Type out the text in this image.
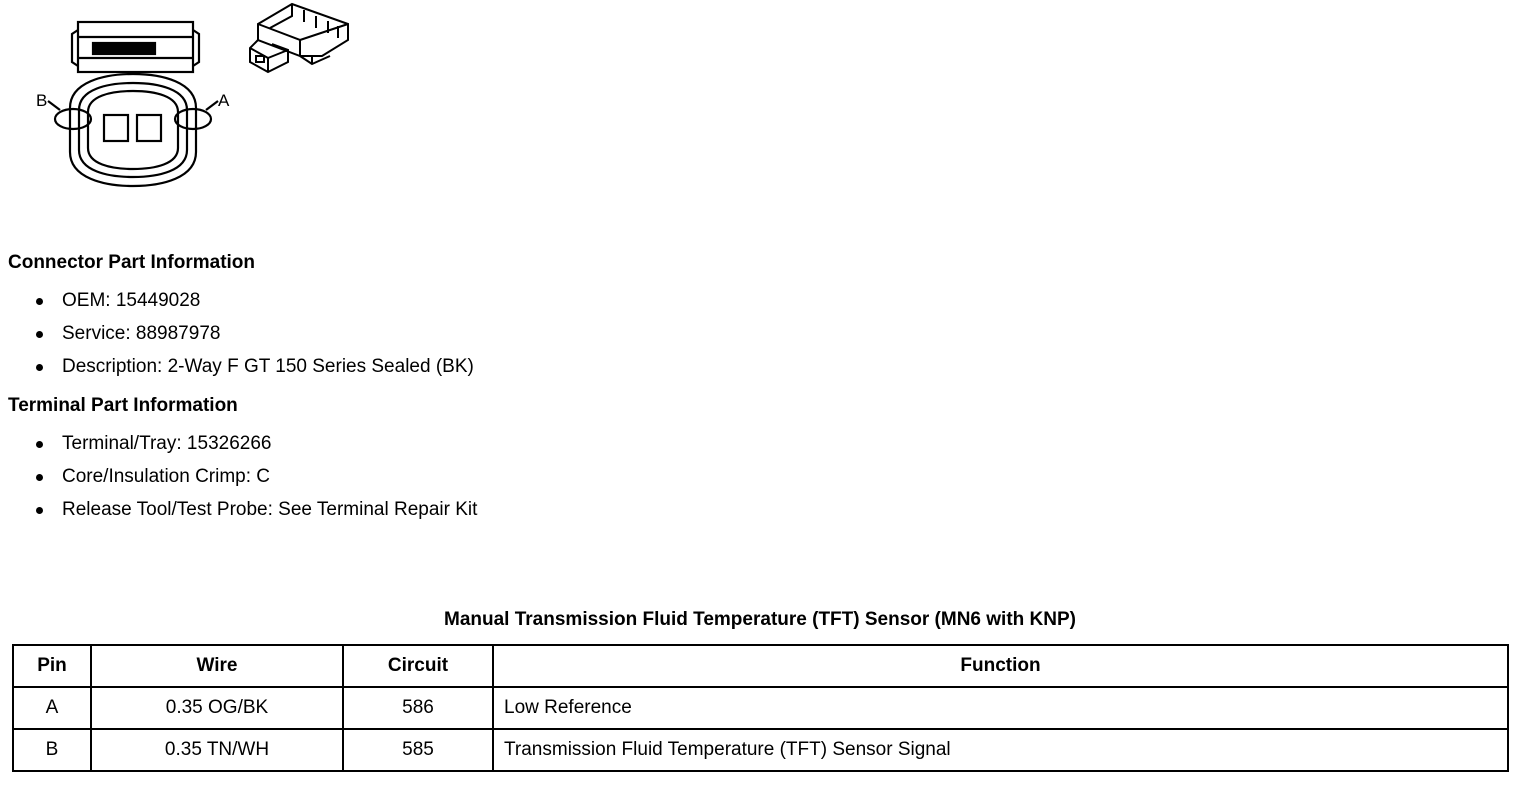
B	A
Connector Part Information
OEM: 15449028
Service: 88987978
Description: 2-Way F GT 150 Series Sealed (BK)
Terminal Part Information
Terminal/Tray: 15326266
Core/Insulation Crimp: C
Release Tool/Test Probe: See Terminal Repair Kit
Manual Transmission Fluid Temperature (TFT) Sensor (MN6 with KNP)
Pin	Wire	Circuit	Function
A	0.35 OG/BK	586	Low Reference
B	0.35 TN/WH	585	Transmission Fluid Temperature (TFT) Sensor Signal
